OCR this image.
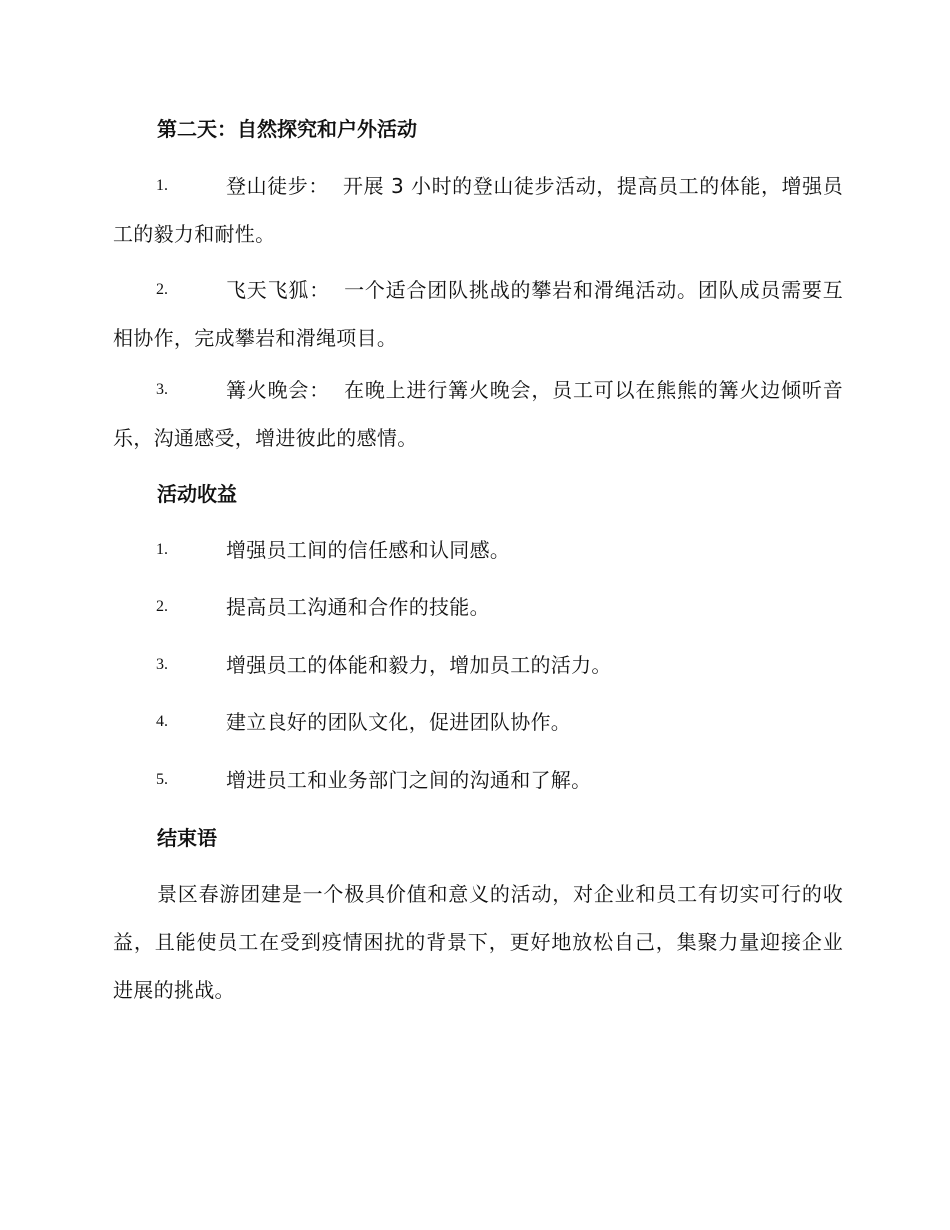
第二天：自然探究和户外活动
1.	登山徒步： 开展 3 小时的登山徒步活动，提高员工的体能，增强员工的毅力和耐性。
2.	飞天飞狐： 一个适合团队挑战的攀岩和滑绳活动。团队成员需要互相协作，完成攀岩和滑绳项目。
3.	篝火晚会： 在晚上进行篝火晚会，员工可以在熊熊的篝火边倾听音乐，沟通感受，增进彼此的感情。
活动收益
1.	增强员工间的信任感和认同感。
2.	提高员工沟通和合作的技能。
3.	增强员工的体能和毅力，增加员工的活力。
4.	建立良好的团队文化，促进团队协作。
5.	增进员工和业务部门之间的沟通和了解。
结束语
景区春游团建是一个极具价值和意义的活动，对企业和员工有切实可行的收益，且能使员工在受到疫情困扰的背景下，更好地放松自己，集聚力量迎接企业进展的挑战。
